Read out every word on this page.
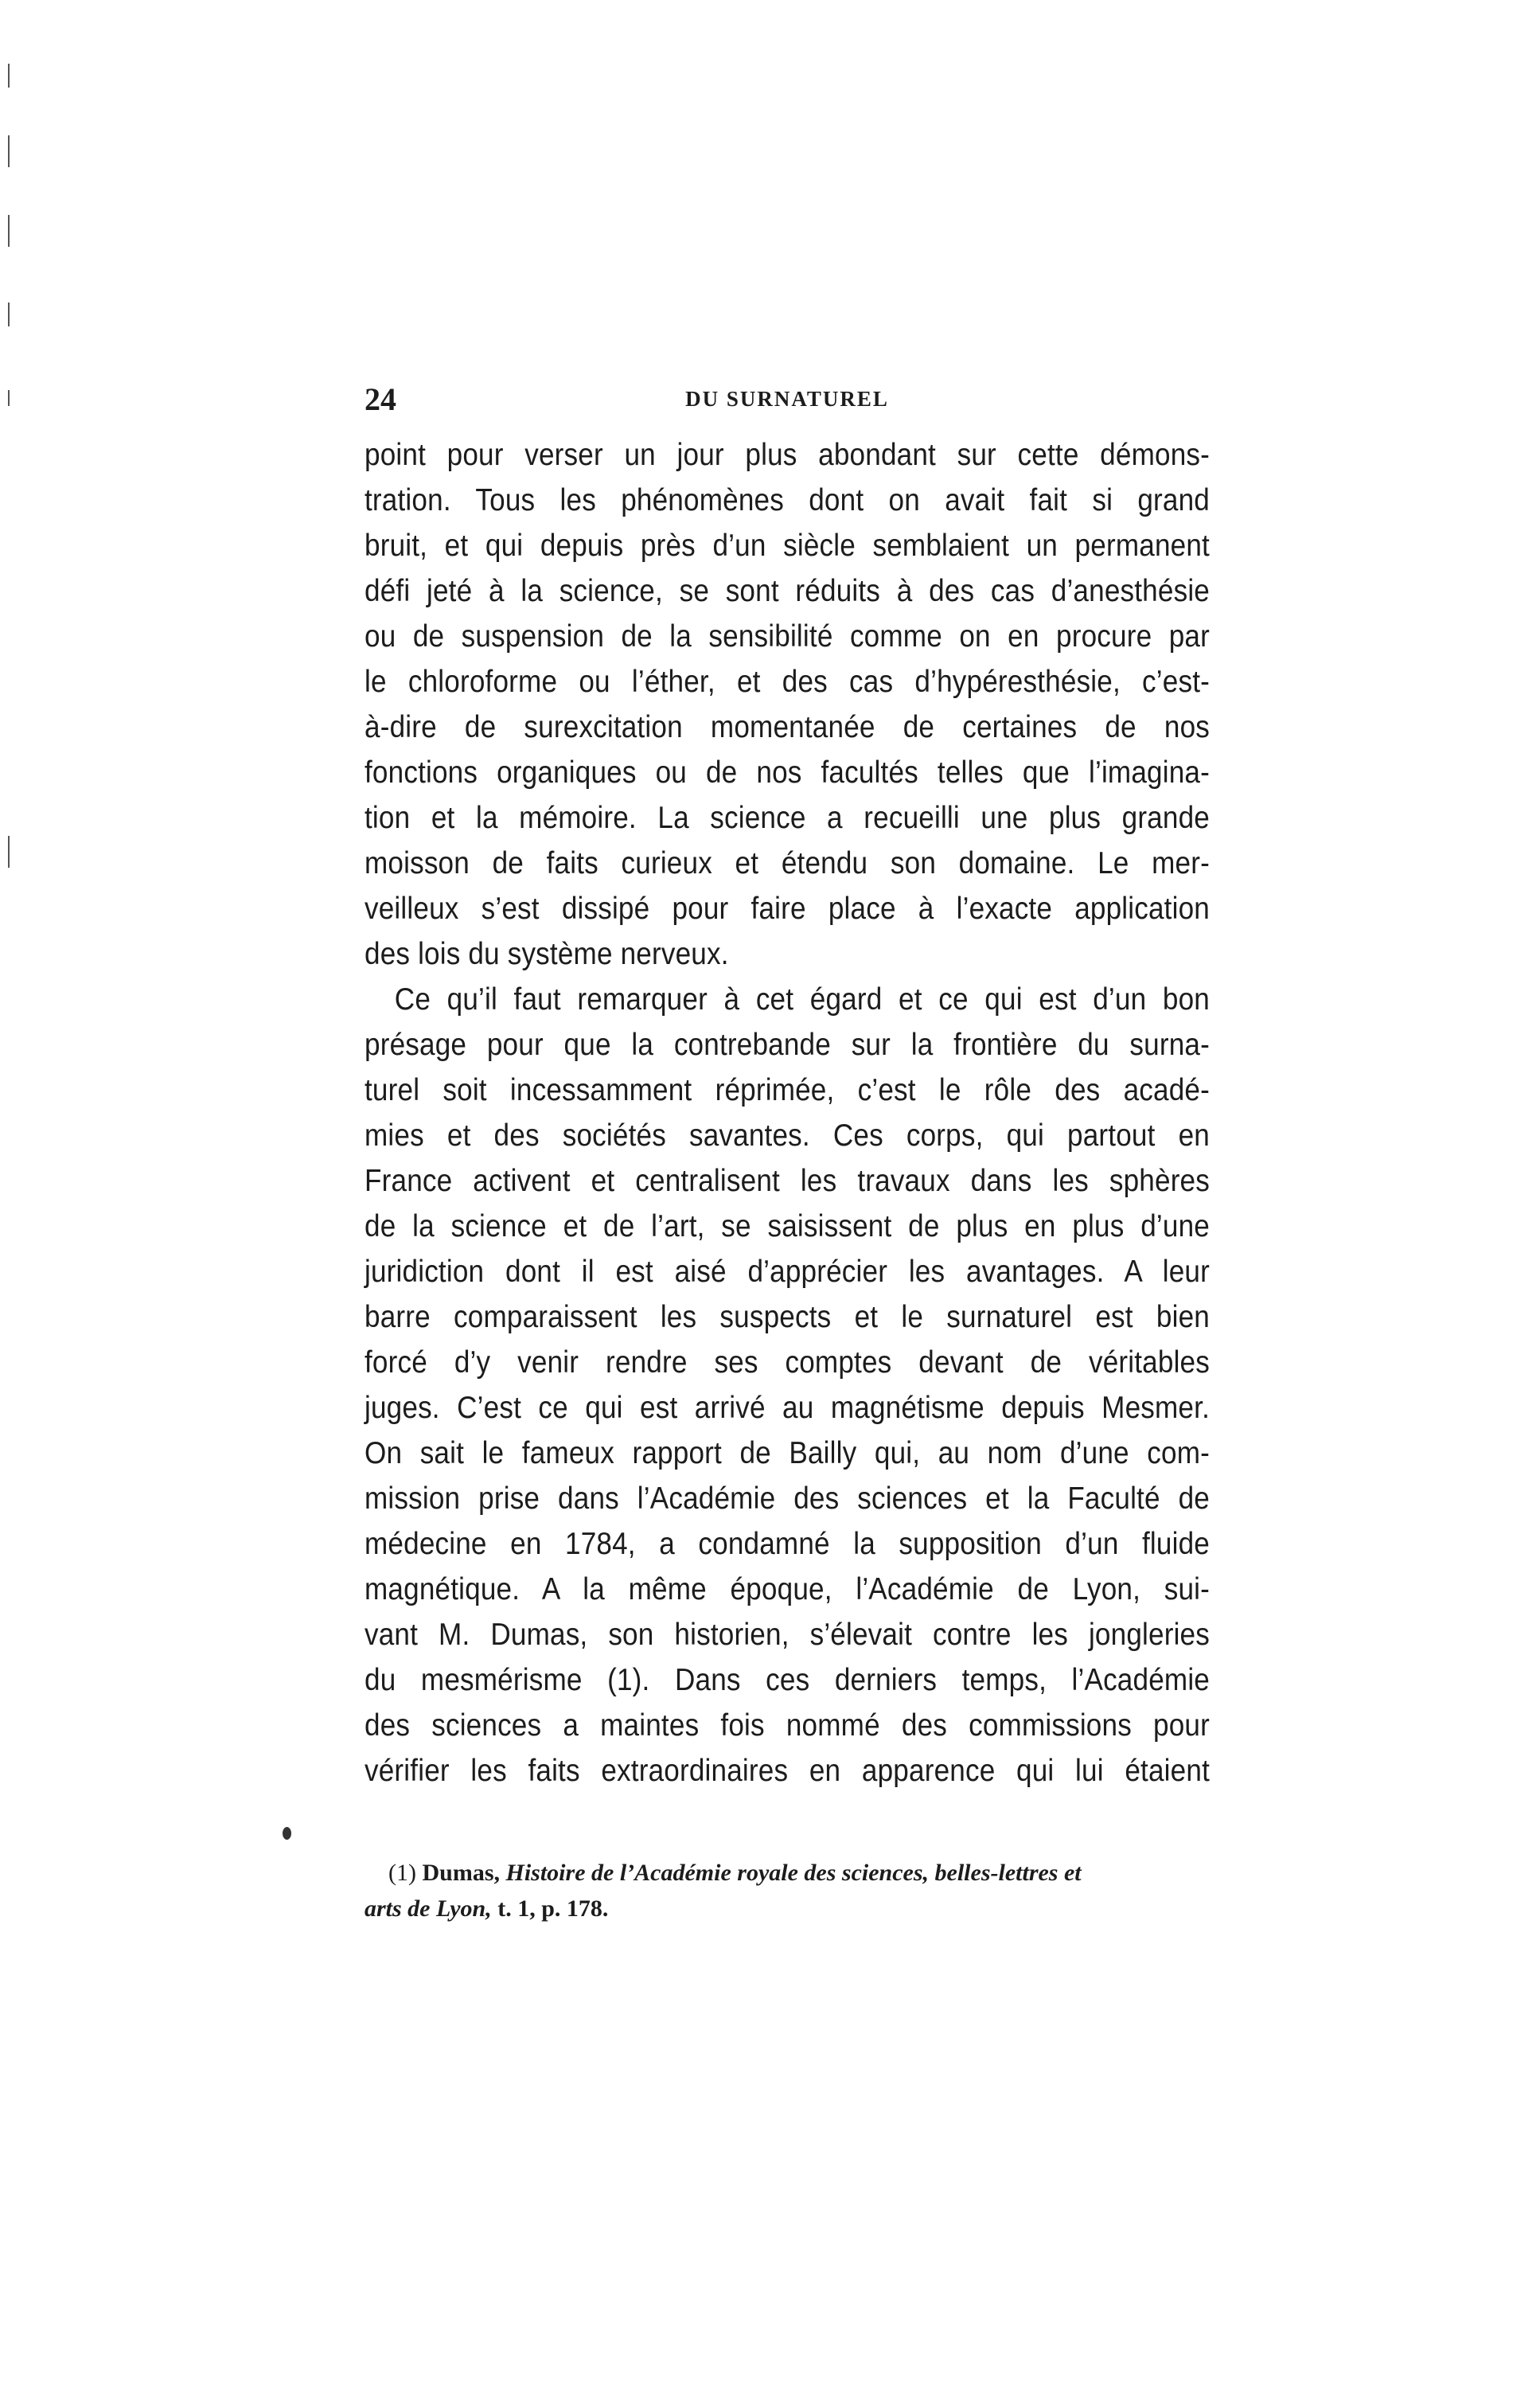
24	DU SURNATUREL
point pour verser un jour plus abondant sur cette démons-
tration. Tous les phénomènes dont on avait fait si grand
bruit, et qui depuis près d’un siècle semblaient un permanent
défi jeté à la science, se sont réduits à des cas d’anesthésie
ou de suspension de la sensibilité comme on en procure par
le chloroforme ou l’éther, et des cas d’hypéresthésie, c’est-
à-dire de surexcitation momentanée de certaines de nos
fonctions organiques ou de nos facultés telles que l’imagina-
tion et la mémoire. La science a recueilli une plus grande
moisson de faits curieux et étendu son domaine. Le mer-
veilleux s’est dissipé pour faire place à l’exacte application
des lois du système nerveux.
Ce qu’il faut remarquer à cet égard et ce qui est d’un bon
présage pour que la contrebande sur la frontière du surna-
turel soit incessamment réprimée, c’est le rôle des acadé-
mies et des sociétés savantes. Ces corps, qui partout en
France activent et centralisent les travaux dans les sphères
de la science et de l’art, se saisissent de plus en plus d’une
juridiction dont il est aisé d’apprécier les avantages. A leur
barre comparaissent les suspects et le surnaturel est bien
forcé d’y venir rendre ses comptes devant de véritables
juges. C’est ce qui est arrivé au magnétisme depuis Mesmer.
On sait le fameux rapport de Bailly qui, au nom d’une com-
mission prise dans l’Académie des sciences et la Faculté de
médecine en 1784, a condamné la supposition d’un fluide
magnétique. A la même époque, l’Académie de Lyon, sui-
vant M. Dumas, son historien, s’élevait contre les jongleries
du mesmérisme (1). Dans ces derniers temps, l’Académie
des sciences a maintes fois nommé des commissions pour
vérifier les faits extraordinaires en apparence qui lui étaient
(1) Dumas, Histoire de l’Académie royale des sciences, belles-lettres et
arts de Lyon, t. 1, p. 178.
